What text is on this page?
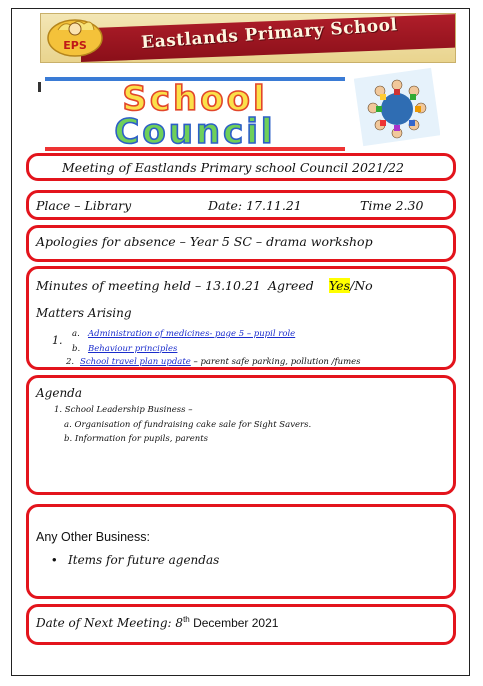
Eastlands Primary School
EPS
School
Council
Meeting of Eastlands Primary school Council 2021/22
Place – Library	Date: 17.11.21	Time 2.30
Apologies for absence – Year 5 SC – drama workshop
Minutes of meeting held – 13.10.21 Agreed Yes/No
Matters Arising
1. a. Administration of medicines- page 5 – pupil role
b. Behaviour principles
2. School travel plan update – parent safe parking, pollution /fumes
Agenda
1. School Leadership Business –
a. Organisation of fundraising cake sale for Sight Savers.
b. Information for pupils, parents
Any Other Business:
• Items for future agendas
Date of Next Meeting: 8th December 2021
